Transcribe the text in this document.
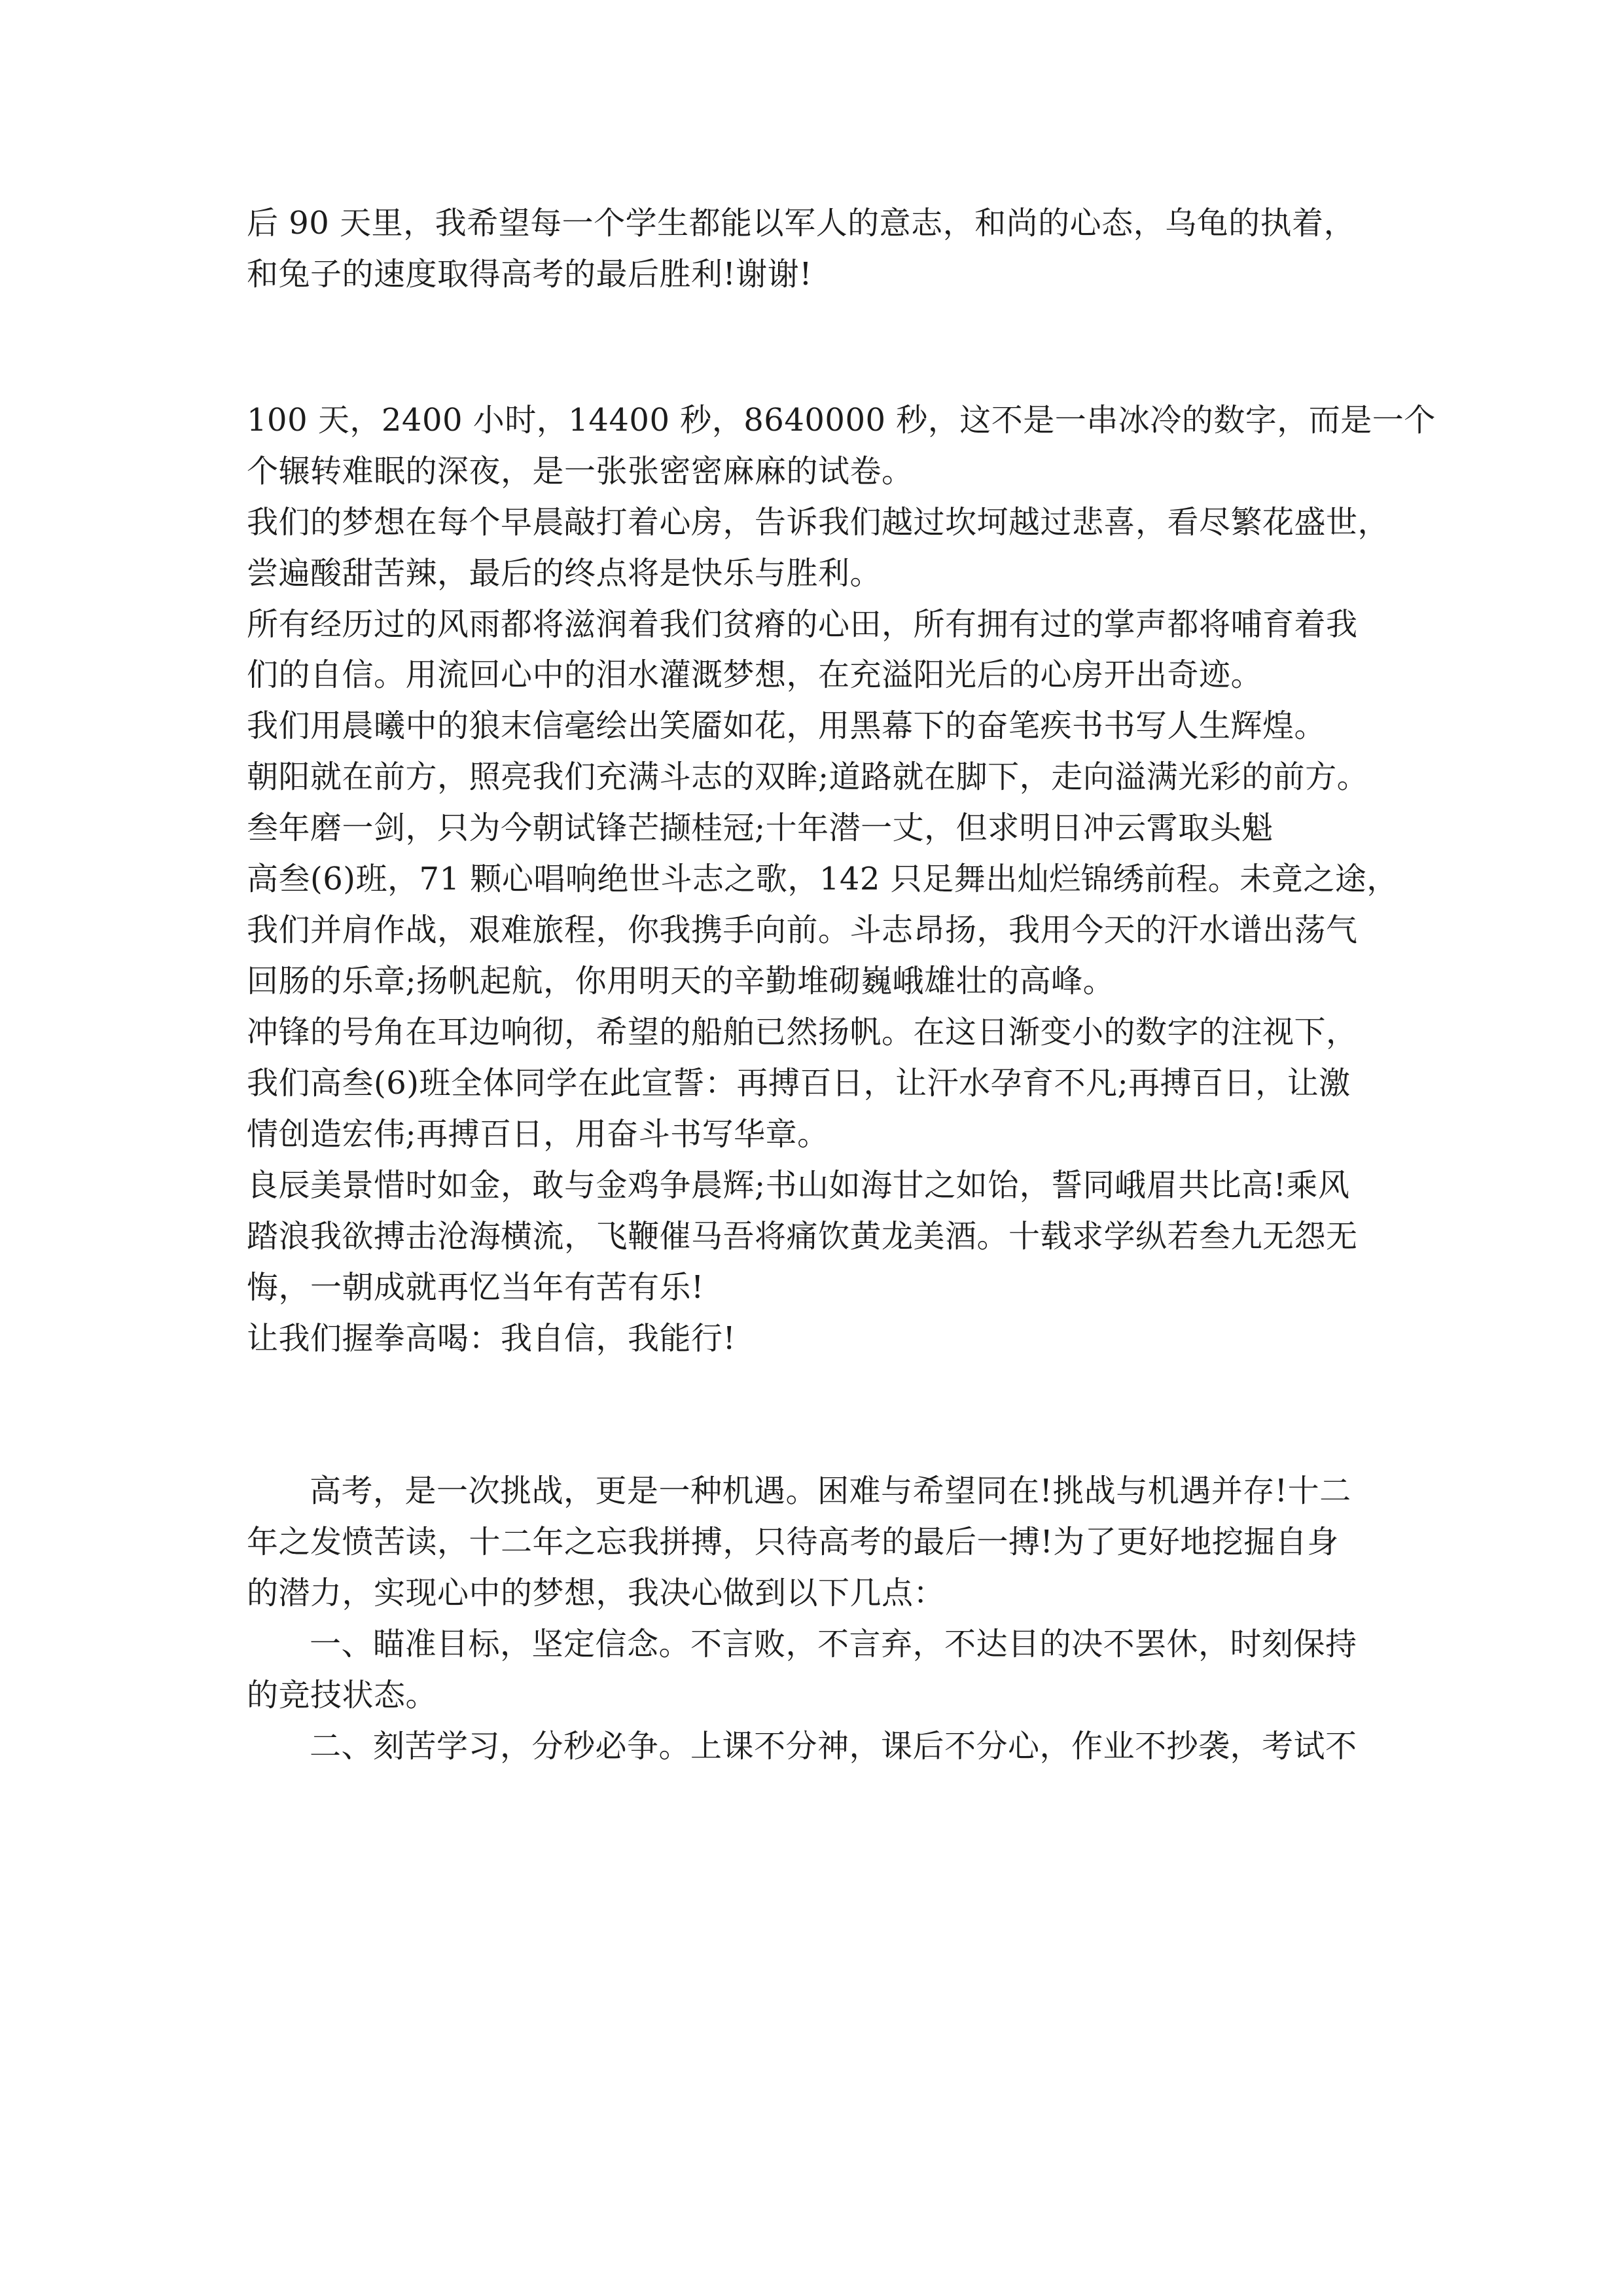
后 90 天里，我希望每一个学生都能以军人的意志，和尚的心态，乌龟的执着，
和兔子的速度取得高考的最后胜利!谢谢!
100 天，2400 小时，14400 秒，8640000 秒，这不是一串冰冷的数字，而是一个
个辗转难眠的深夜，是一张张密密麻麻的试卷。
我们的梦想在每个早晨敲打着心房，告诉我们越过坎坷越过悲喜，看尽繁花盛世，
尝遍酸甜苦辣，最后的终点将是快乐与胜利。
所有经历过的风雨都将滋润着我们贫瘠的心田，所有拥有过的掌声都将哺育着我
们的自信。用流回心中的泪水灌溉梦想，在充溢阳光后的心房开出奇迹。
我们用晨曦中的狼末信毫绘出笑靥如花，用黑幕下的奋笔疾书书写人生辉煌。
朝阳就在前方，照亮我们充满斗志的双眸;道路就在脚下，走向溢满光彩的前方。
叁年磨一剑，只为今朝试锋芒撷桂冠;十年潜一丈，但求明日冲云霄取头魁
高叁(6)班，71 颗心唱响绝世斗志之歌，142 只足舞出灿烂锦绣前程。未竟之途，
我们并肩作战，艰难旅程，你我携手向前。斗志昂扬，我用今天的汗水谱出荡气
回肠的乐章;扬帆起航，你用明天的辛勤堆砌巍峨雄壮的高峰。
冲锋的号角在耳边响彻，希望的船舶已然扬帆。在这日渐变小的数字的注视下，
我们高叁(6)班全体同学在此宣誓：再搏百日，让汗水孕育不凡;再搏百日，让激
情创造宏伟;再搏百日，用奋斗书写华章。
良辰美景惜时如金，敢与金鸡争晨辉;书山如海甘之如饴，誓同峨眉共比高!乘风
踏浪我欲搏击沧海横流，飞鞭催马吾将痛饮黄龙美酒。十载求学纵若叁九无怨无
悔，一朝成就再忆当年有苦有乐!
让我们握拳高喝：我自信，我能行!
高考，是一次挑战，更是一种机遇。困难与希望同在!挑战与机遇并存!十二
年之发愤苦读，十二年之忘我拼搏，只待高考的最后一搏!为了更好地挖掘自身
的潜力，实现心中的梦想，我决心做到以下几点：
一、瞄准目标，坚定信念。不言败，不言弃，不达目的决不罢休，时刻保持
的竞技状态。
二、刻苦学习，分秒必争。上课不分神，课后不分心，作业不抄袭，考试不
